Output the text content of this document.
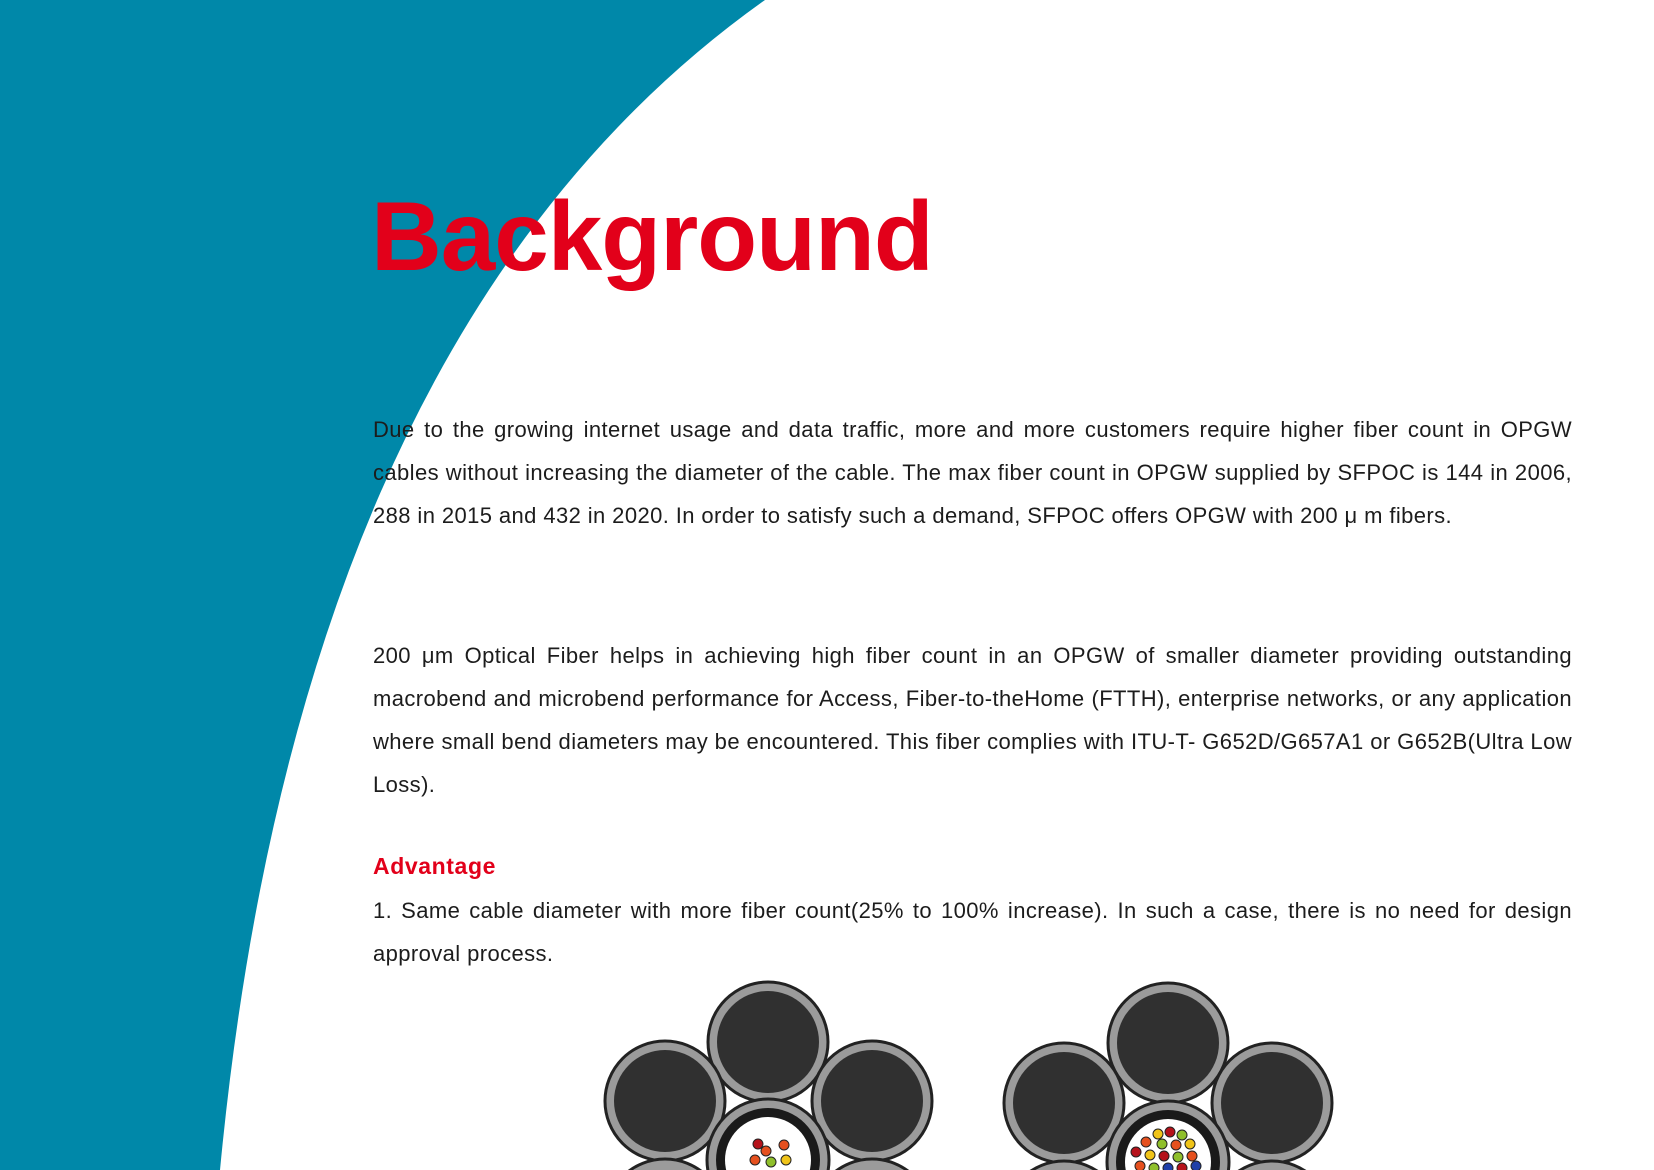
Background

Due to the growing internet usage and data traffic, more and more customers require higher fiber count in OPGW cables without increasing the diameter of the cable. The max fiber count in OPGW supplied by SFPOC is 144 in 2006, 288 in 2015 and 432 in 2020. In order to satisfy such a demand, SFPOC offers OPGW with 200 μ m fibers.

200 μm Optical Fiber helps in achieving high fiber count in an OPGW of smaller diameter providing outstanding macrobend and microbend performance for Access, Fiber-to-theHome (FTTH), enterprise networks, or any application where small bend diameters may be encountered. This fiber complies with ITU-T- G652D/G657A1 or G652B(Ultra Low Loss).

Advantage

1. Same cable diameter with more fiber count(25% to 100% increase). In such a case, there is no need for design approval process.
